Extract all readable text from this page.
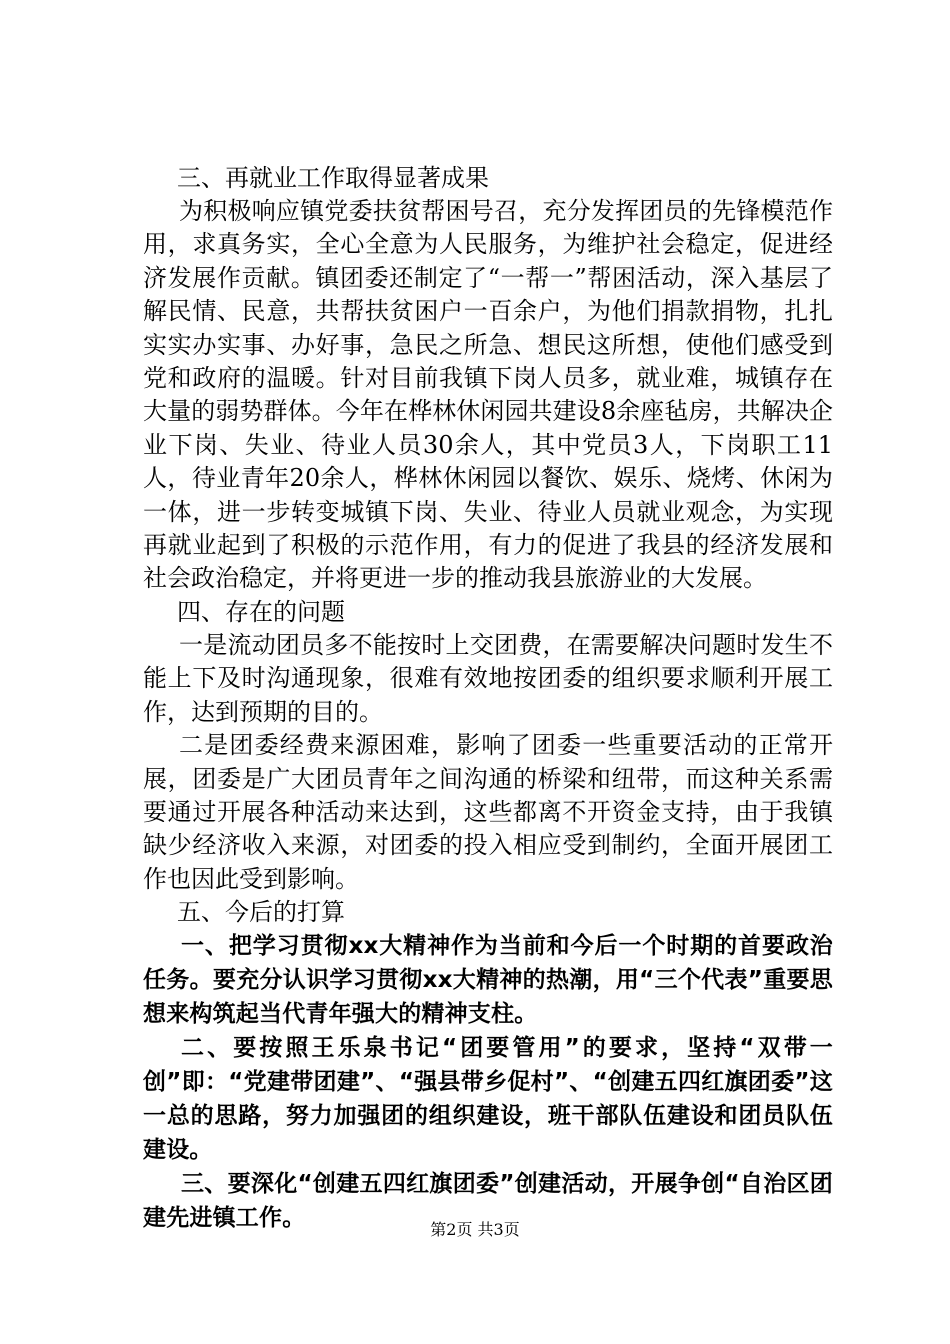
三、再就业工作取得显著成果

为积极响应镇党委扶贫帮困号召，充分发挥团员的先锋模范作用，求真务实，全心全意为人民服务，为维护社会稳定，促进经济发展作贡献。镇团委还制定了“一帮一”帮困活动，深入基层了解民情、民意，共帮扶贫困户一百余户，为他们捐款捐物，扎扎实实办实事、办好事，急民之所急、想民这所想，使他们感受到党和政府的温暖。针对目前我镇下岗人员多，就业难，城镇存在大量的弱势群体。今年在桦林休闲园共建设8余座毡房，共解决企业下岗、失业、待业人员30余人，其中党员3人，下岗职工11人，待业青年20余人，桦林休闲园以餐饮、娱乐、烧烤、休闲为一体，进一步转变城镇下岗、失业、待业人员就业观念，为实现再就业起到了积极的示范作用，有力的促进了我县的经济发展和社会政治稳定，并将更进一步的推动我县旅游业的大发展。

四、存在的问题

一是流动团员多不能按时上交团费，在需要解决问题时发生不能上下及时沟通现象，很难有效地按团委的组织要求顺利开展工作，达到预期的目的。

二是团委经费来源困难，影响了团委一些重要活动的正常开展，团委是广大团员青年之间沟通的桥梁和纽带，而这种关系需要通过开展各种活动来达到，这些都离不开资金支持，由于我镇缺少经济收入来源，对团委的投入相应受到制约，全面开展团工作也因此受到影响。

五、今后的打算

一、把学习贯彻xx大精神作为当前和今后一个时期的首要政治任务。要充分认识学习贯彻xx大精神的热潮，用“三个代表”重要思想来构筑起当代青年强大的精神支柱。

二、要按照王乐泉书记“团要管用”的要求，坚持“双带一创”即：“党建带团建”、“强县带乡促村”、“创建五四红旗团委”这一总的思路，努力加强团的组织建设，班干部队伍建设和团员队伍建设。

三、要深化“创建五四红旗团委”创建活动，开展争创“自治区团建先进镇工作。	第2页 共3页
